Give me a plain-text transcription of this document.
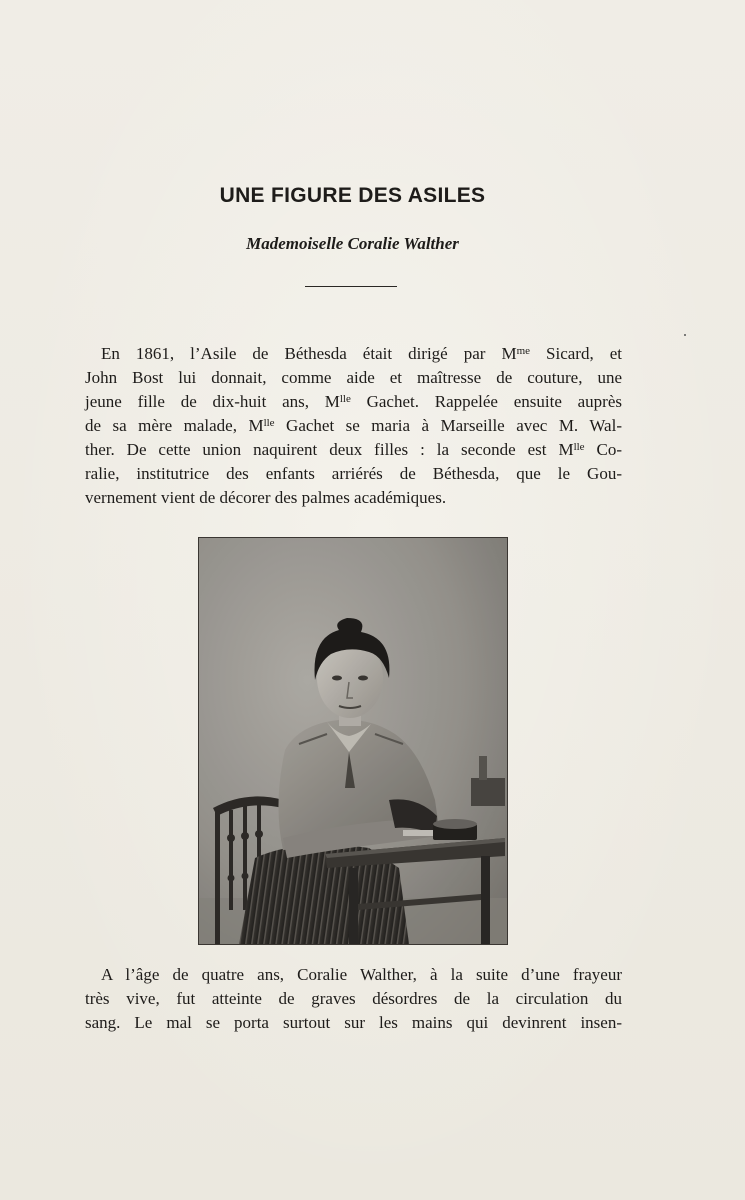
UNE FIGURE DES ASILES
Mademoiselle Coralie Walther

En 1861, l’Asile de Béthesda était dirigé par $M^{me}$ Sicard, et
John Bost lui donnait, comme aide et maîtresse de couture, une
jeune fille de dix-huit ans, $M^{lle}$ Gachet. Rappelée ensuite auprès
de sa mère malade, $M^{lle}$ Gachet se maria à Marseille avec M. Wal-
ther. De cette union naquirent deux filles : la seconde est $M^{lle}$ Co-
ralie, institutrice des enfants arriérés de Béthesda, que le Gou-
vernement vient de décorer des palmes académiques.

A l’âge de quatre ans, Coralie Walther, à la suite d’une frayeur
très vive, fut atteinte de graves désordres de la circulation du
sang. Le mal se porta surtout sur les mains qui devinrent insen-
